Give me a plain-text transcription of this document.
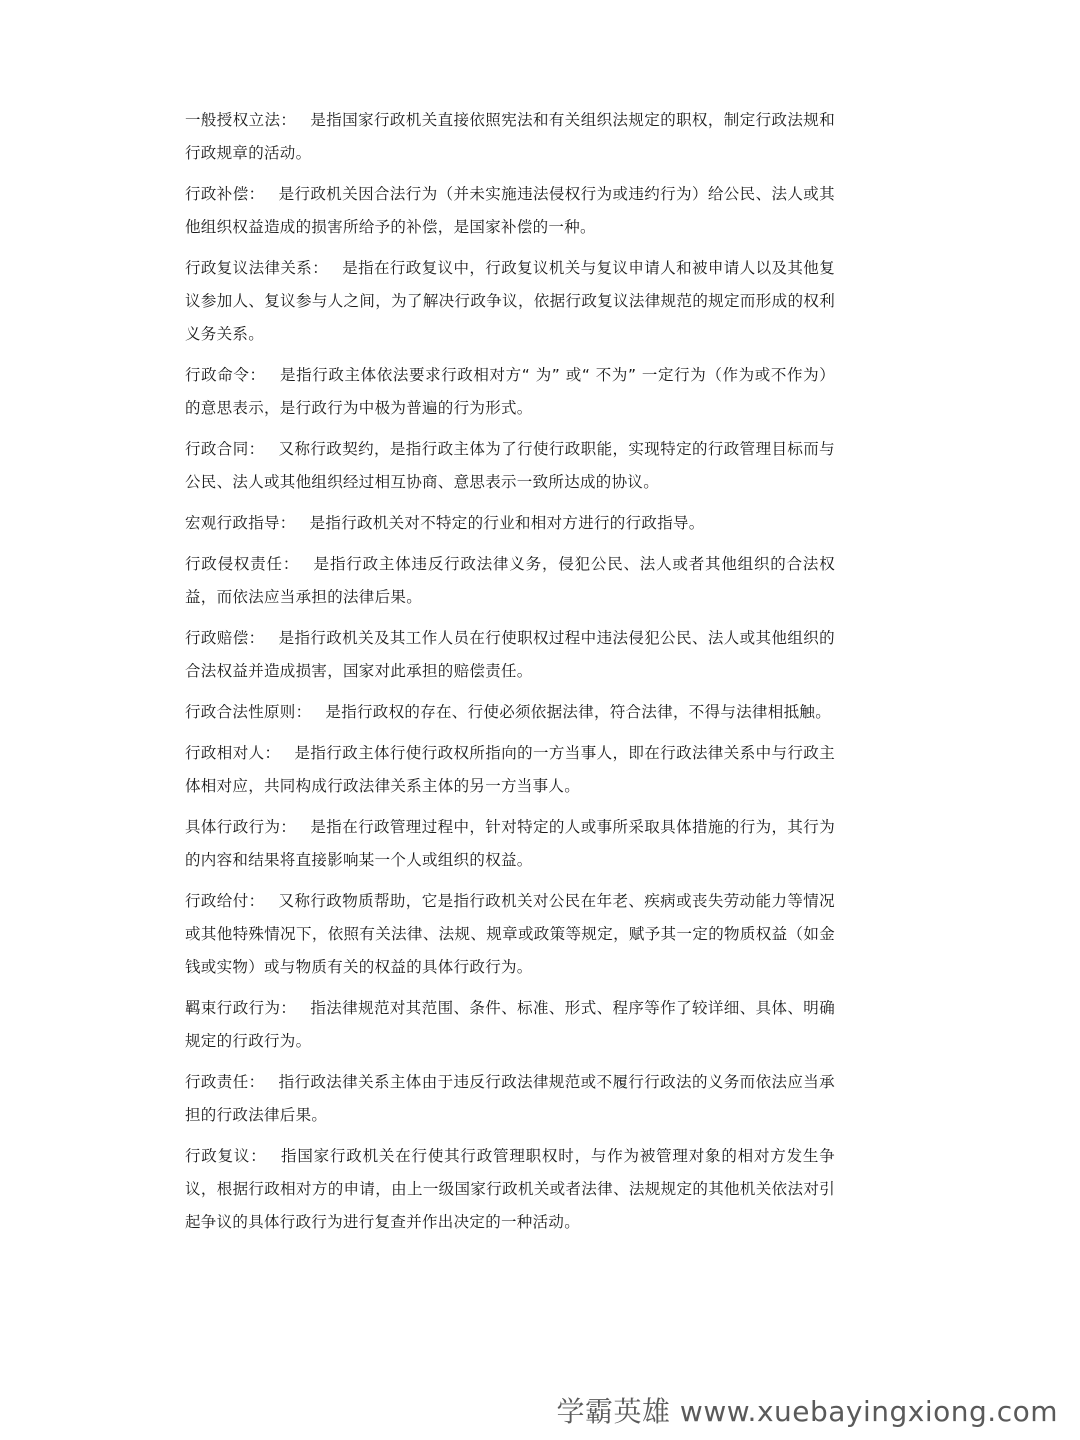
一般授权立法： 是指国家行政机关直接依照宪法和有关组织法规定的职权，制定行政法规和行政规章的活动。

行政补偿： 是行政机关因合法行为（并未实施违法侵权行为或违约行为）给公民、法人或其他组织权益造成的损害所给予的补偿，是国家补偿的一种。

行政复议法律关系： 是指在行政复议中，行政复议机关与复议申请人和被申请人以及其他复议参加人、复议参与人之间，为了解决行政争议，依据行政复议法律规范的规定而形成的权利义务关系。

行政命令： 是指行政主体依法要求行政相对方“ 为” 或“ 不为” 一定行为（作为或不作为）的意思表示，是行政行为中极为普遍的行为形式。

行政合同： 又称行政契约，是指行政主体为了行使行政职能，实现特定的行政管理目标而与公民、法人或其他组织经过相互协商、意思表示一致所达成的协议。

宏观行政指导： 是指行政机关对不特定的行业和相对方进行的行政指导。

行政侵权责任： 是指行政主体违反行政法律义务，侵犯公民、法人或者其他组织的合法权益，而依法应当承担的法律后果。

行政赔偿： 是指行政机关及其工作人员在行使职权过程中违法侵犯公民、法人或其他组织的合法权益并造成损害，国家对此承担的赔偿责任。

行政合法性原则： 是指行政权的存在、行使必须依据法律，符合法律，不得与法律相抵触。

行政相对人： 是指行政主体行使行政权所指向的一方当事人，即在行政法律关系中与行政主体相对应，共同构成行政法律关系主体的另一方当事人。

具体行政行为： 是指在行政管理过程中，针对特定的人或事所采取具体措施的行为，其行为的内容和结果将直接影响某一个人或组织的权益。

行政给付： 又称行政物质帮助，它是指行政机关对公民在年老、疾病或丧失劳动能力等情况或其他特殊情况下，依照有关法律、法规、规章或政策等规定，赋予其一定的物质权益（如金钱或实物）或与物质有关的权益的具体行政行为。

羁束行政行为： 指法律规范对其范围、条件、标准、形式、程序等作了较详细、具体、明确规定的行政行为。

行政责任： 指行政法律关系主体由于违反行政法律规范或不履行行政法的义务而依法应当承担的行政法律后果。

行政复议： 指国家行政机关在行使其行政管理职权时，与作为被管理对象的相对方发生争议，根据行政相对方的申请，由上一级国家行政机关或者法律、法规规定的其他机关依法对引起争议的具体行政行为进行复查并作出决定的一种活动。

学霸英雄 www.xuebayingxiong.com
